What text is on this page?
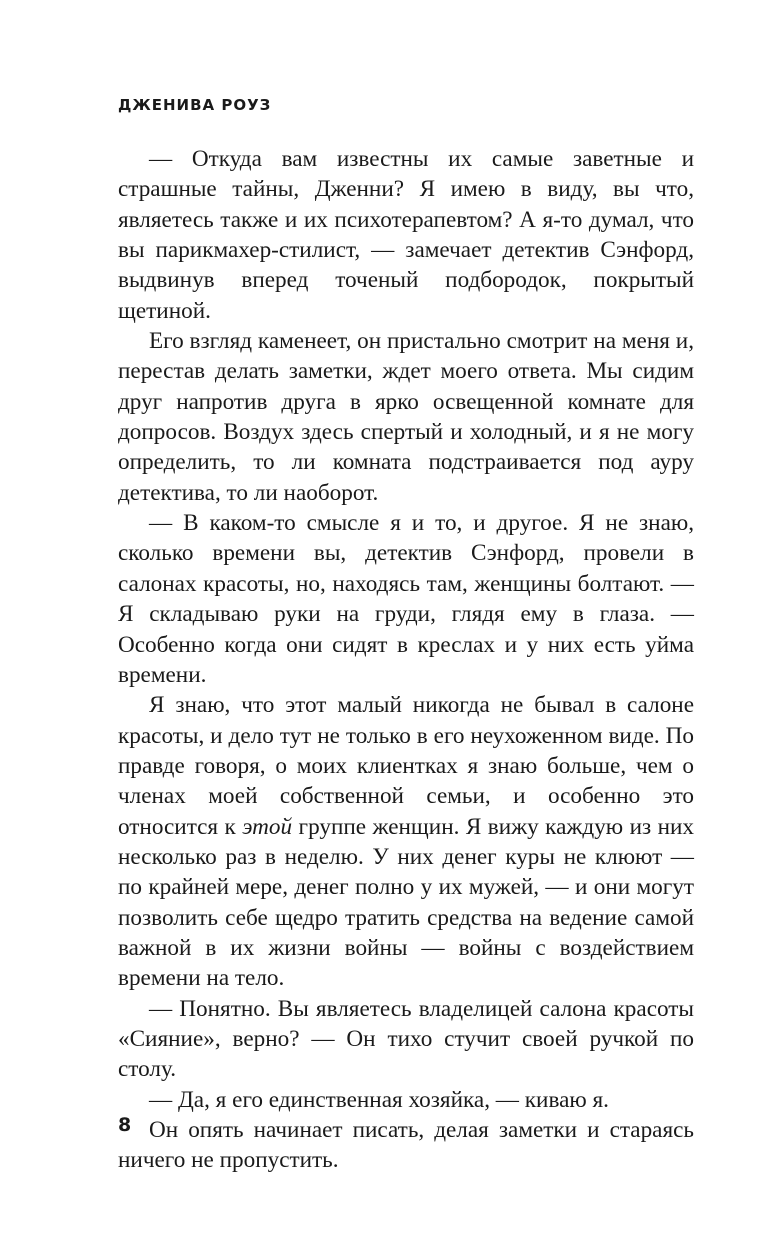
ДЖЕНИВА РОУЗ

— Откуда вам известны их самые заветные и страшные тайны, Дженни? Я имею в виду, вы что, являетесь также и их психотерапевтом? А я-то думал, что вы парикмахер-стилист, — замечает детектив Сэнфорд, выдвинув вперед точеный подбородок, покрытый щетиной.

Его взгляд каменеет, он пристально смотрит на меня и, перестав делать заметки, ждет моего ответа. Мы сидим друг напротив друга в ярко освещенной комнате для допросов. Воздух здесь спертый и холодный, и я не могу определить, то ли комната подстраивается под ауру детектива, то ли наоборот.

— В каком-то смысле я и то, и другое. Я не знаю, сколько времени вы, детектив Сэнфорд, провели в салонах красоты, но, находясь там, женщины болтают. — Я складываю руки на груди, глядя ему в глаза. — Особенно когда они сидят в креслах и у них есть уйма времени.

Я знаю, что этот малый никогда не бывал в салоне красоты, и дело тут не только в его неухоженном виде. По правде говоря, о моих клиентках я знаю больше, чем о членах моей собственной семьи, и особенно это относится к этой группе женщин. Я вижу каждую из них несколько раз в неделю. У них денег куры не клюют — по крайней мере, денег полно у их мужей, — и они могут позволить себе щедро тратить средства на ведение самой важной в их жизни войны — войны с воздействием времени на тело.

— Понятно. Вы являетесь владелицей салона красоты «Сияние», верно? — Он тихо стучит своей ручкой по столу.

— Да, я его единственная хозяйка, — киваю я.

Он опять начинает писать, делая заметки и стараясь ничего не пропустить.

8
